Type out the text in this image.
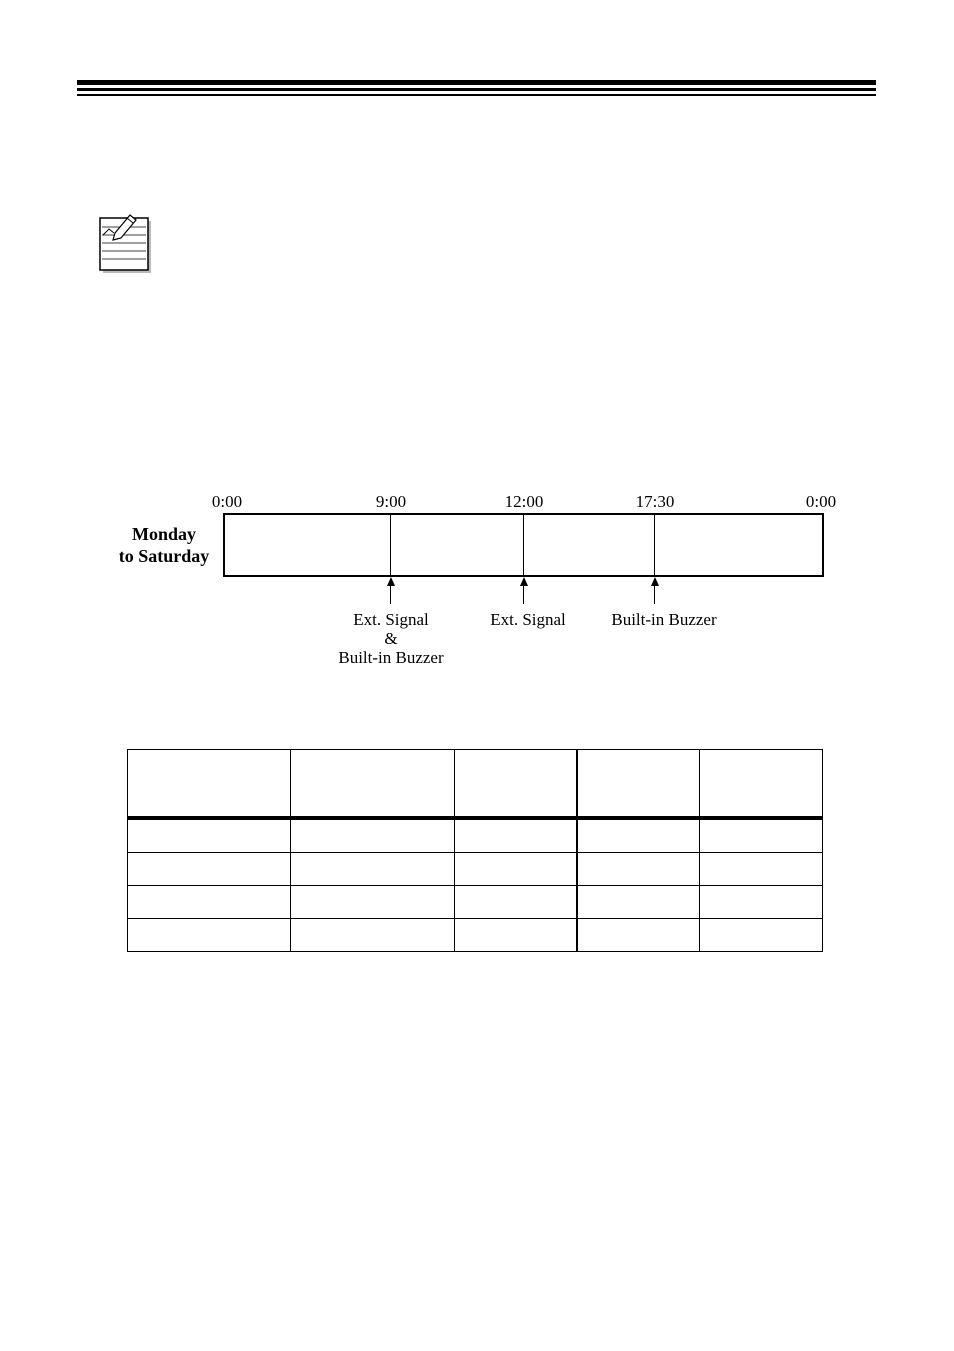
0:00	9:00	12:00	17:30	0:00
Monday
to Saturday
Ext. Signal
&
Built-in Buzzer
Ext. Signal	Built-in Buzzer
